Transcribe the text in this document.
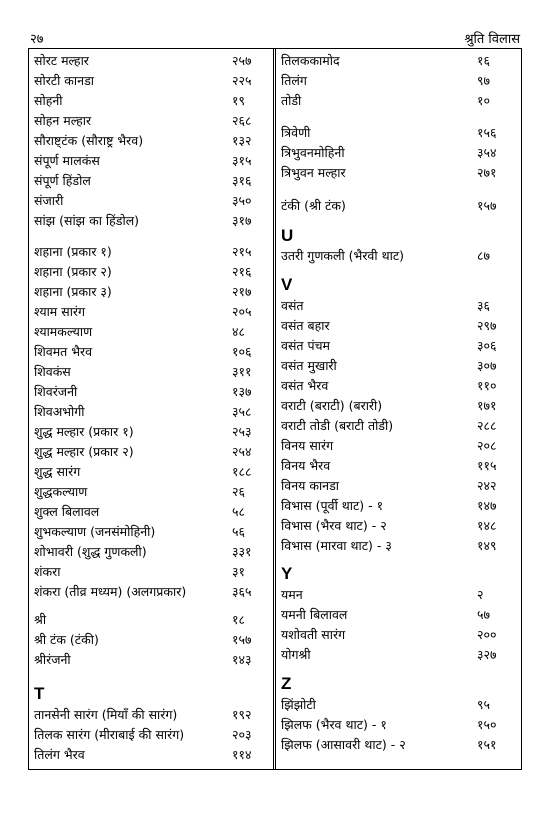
२७	श्रुति विलास
सोरट मल्हार	२५७
सोरटी कानडा	२२५
सोहनी	१९
सोहन मल्हार	२६८
सौराष्ट्टंक (सौराष्ट्र भैरव)	१३२
संपूर्ण मालकंस	३१५
संपूर्ण हिंडोल	३१६
संजारी	३५०
सांझ (सांझ का हिंडोल)	३१७
शहाना (प्रकार १)	२१५
शहाना (प्रकार २)	२१६
शहाना (प्रकार ३)	२१७
श्याम सारंग	२०५
श्यामकल्याण	४८
शिवमत भैरव	१०६
शिवकंस	३११
शिवरंजनी	१३७
शिवअभोगी	३५८
शुद्ध मल्हार (प्रकार १)	२५३
शुद्ध मल्हार (प्रकार २)	२५४
शुद्ध सारंग	१८८
शुद्धकल्याण	२६
शुक्ल बिलावल	५८
शुभकल्याण (जनसंमोहिनी)	५६
शोभावरी (शुद्ध गुणकली)	३३१
शंकरा	३१
शंकरा (तीव्र मध्यम) (अलगप्रकार)	३६५
श्री	१८
श्री टंक (टंकी)	१५७
श्रीरंजनी	१४३
T
तानसेनी सारंग (मियाँ की सारंग)	१९२
तिलक सारंग (मीराबाई की सारंग)	२०३
तिलंग भैरव	११४
तिलककामोद	१६
तिलंग	९७
तोडी	१०
त्रिवेणी	१५६
त्रिभुवनमोहिनी	३५४
त्रिभुवन मल्हार	२७१
टंकी (श्री टंक)	१५७
U
उतरी गुणकली (भैरवी थाट)	८७
V
वसंत	३६
वसंत बहार	२९७
वसंत पंचम	३०६
वसंत मुखारी	३०७
वसंत भैरव	११०
वराटी (बराटी) (बरारी)	१७१
वराटी तोडी (बराटी तोडी)	२८८
विनय सारंग	२०८
विनय भैरव	११५
विनय कानडा	२४२
विभास (पूर्वी थाट) - १	१४७
विभास (भैरव थाट) - २	१४८
विभास (मारवा थाट) - ३	१४९
Y
यमन	२
यमनी बिलावल	५७
यशोवती सारंग	२००
योगश्री	३२७
Z
झिंझोटी	९५
झिलफ (भैरव थाट) - १	१५०
झिलफ (आसावरी थाट) - २	१५१
